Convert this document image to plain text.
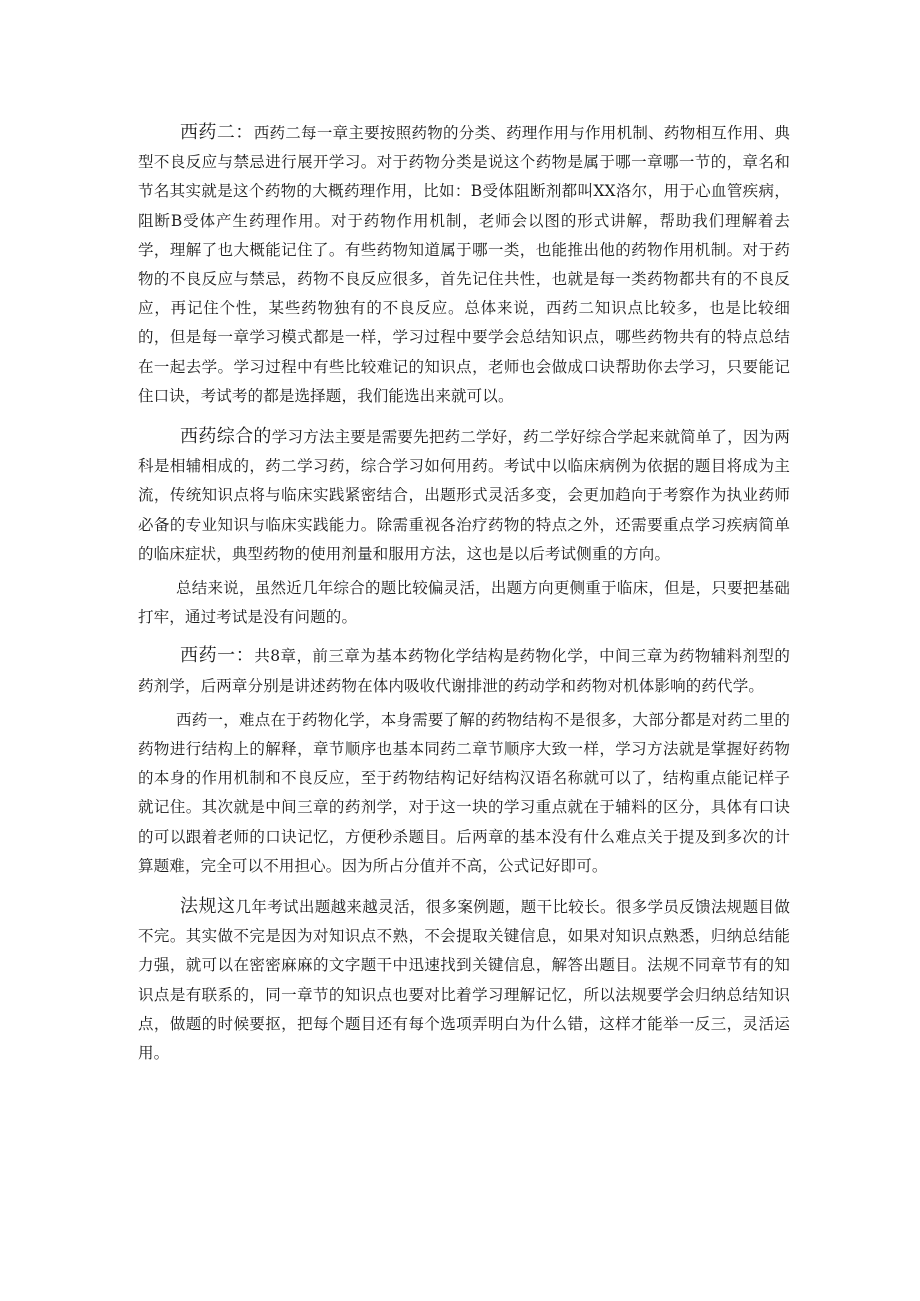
西药二：西药二每一章主要按照药物的分类、药理作用与作用机制、药物相互作用、典型不良反应与禁忌进行展开学习。对于药物分类是说这个药物是属于哪一章哪一节的，章名和节名其实就是这个药物的大概药理作用，比如：B受体阻断剂都叫XX洛尔，用于心血管疾病，阻断B受体产生药理作用。对于药物作用机制，老师会以图的形式讲解，帮助我们理解着去学，理解了也大概能记住了。有些药物知道属于哪一类，也能推出他的药物作用机制。对于药物的不良反应与禁忌，药物不良反应很多，首先记住共性，也就是每一类药物都共有的不良反应，再记住个性，某些药物独有的不良反应。总体来说，西药二知识点比较多，也是比较细的，但是每一章学习模式都是一样，学习过程中要学会总结知识点，哪些药物共有的特点总结在一起去学。学习过程中有些比较难记的知识点，老师也会做成口诀帮助你去学习，只要能记住口诀，考试考的都是选择题，我们能选出来就可以。

西药综合的学习方法主要是需要先把药二学好，药二学好综合学起来就简单了，因为两科是相辅相成的，药二学习药，综合学习如何用药。考试中以临床病例为依据的题目将成为主流，传统知识点将与临床实践紧密结合，出题形式灵活多变，会更加趋向于考察作为执业药师必备的专业知识与临床实践能力。除需重视各治疗药物的特点之外，还需要重点学习疾病简单的临床症状，典型药物的使用剂量和服用方法，这也是以后考试侧重的方向。

总结来说，虽然近几年综合的题比较偏灵活，出题方向更侧重于临床，但是，只要把基础打牢，通过考试是没有问题的。

西药一：共8章，前三章为基本药物化学结构是药物化学，中间三章为药物辅料剂型的药剂学，后两章分别是讲述药物在体内吸收代谢排泄的药动学和药物对机体影响的药代学。

西药一，难点在于药物化学，本身需要了解的药物结构不是很多，大部分都是对药二里的药物进行结构上的解释，章节顺序也基本同药二章节顺序大致一样，学习方法就是掌握好药物的本身的作用机制和不良反应，至于药物结构记好结构汉语名称就可以了，结构重点能记样子就记住。其次就是中间三章的药剂学，对于这一块的学习重点就在于辅料的区分，具体有口诀的可以跟着老师的口诀记忆，方便秒杀题目。后两章的基本没有什么难点关于提及到多次的计算题难，完全可以不用担心。因为所占分值并不高，公式记好即可。

法规这几年考试出题越来越灵活，很多案例题，题干比较长。很多学员反馈法规题目做不完。其实做不完是因为对知识点不熟，不会提取关键信息，如果对知识点熟悉，归纳总结能力强，就可以在密密麻麻的文字题干中迅速找到关键信息，解答出题目。法规不同章节有的知识点是有联系的，同一章节的知识点也要对比着学习理解记忆，所以法规要学会归纳总结知识点，做题的时候要抠，把每个题目还有每个选项弄明白为什么错，这样才能举一反三，灵活运用。
